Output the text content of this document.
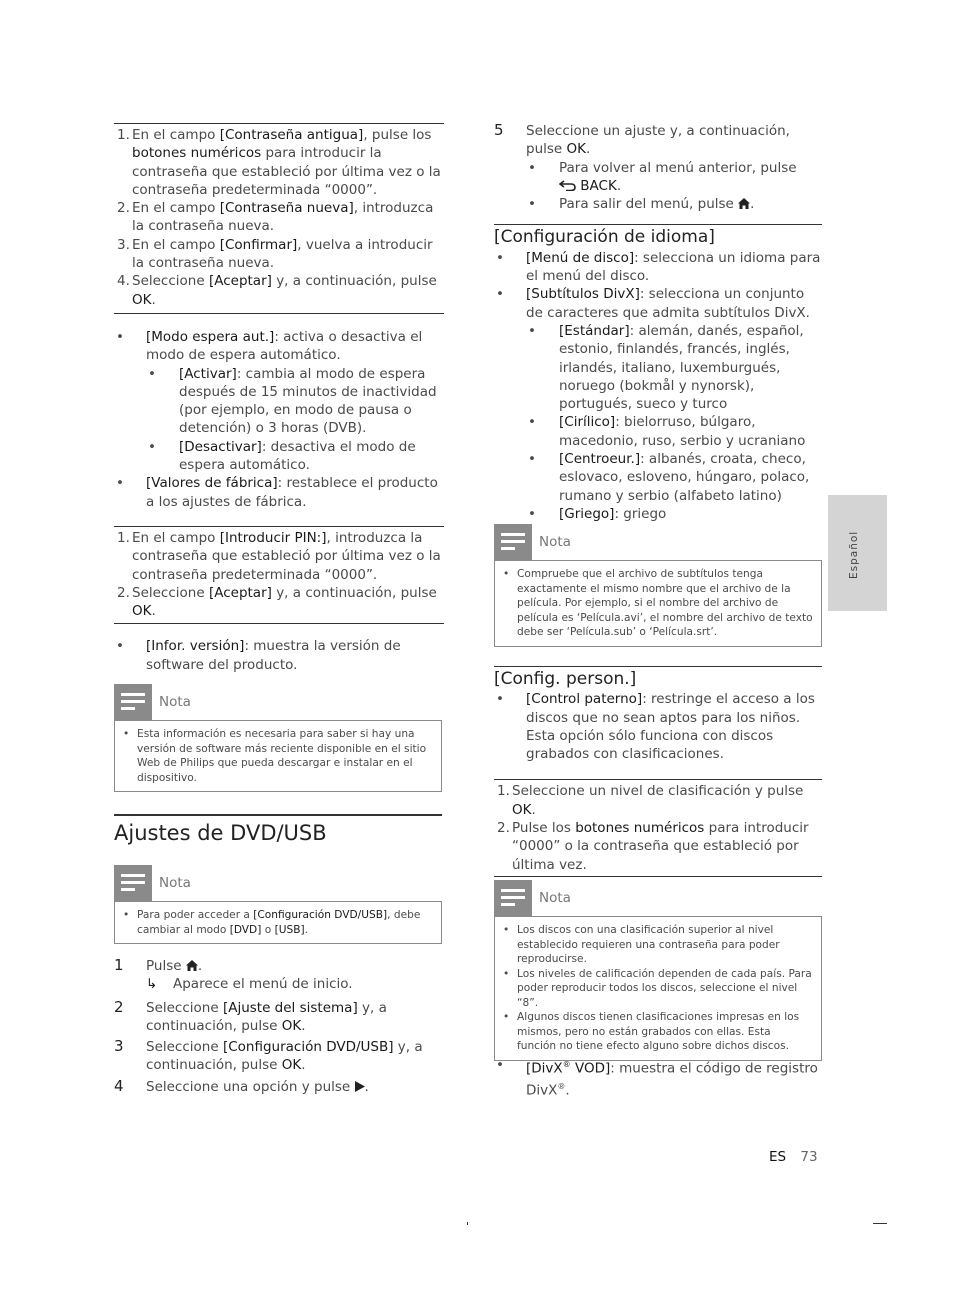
1. En el campo [Contraseña antigua], pulse los botones numéricos para introducir la contraseña que estableció por última vez o la contraseña predeterminada “0000”.
2. En el campo [Contraseña nueva], introduzca la contraseña nueva.
3. En el campo [Confirmar], vuelva a introducir la contraseña nueva.
4. Seleccione [Aceptar] y, a continuación, pulse OK.
• [Modo espera aut.]: activa o desactiva el modo de espera automático.
• [Activar]: cambia al modo de espera después de 15 minutos de inactividad (por ejemplo, en modo de pausa o detención) o 3 horas (DVB).
• [Desactivar]: desactiva el modo de espera automático.
• [Valores de fábrica]: restablece el producto a los ajustes de fábrica.
1. En el campo [Introducir PIN:], introduzca la contraseña que estableció por última vez o la contraseña predeterminada “0000”.
2. Seleccione [Aceptar] y, a continuación, pulse OK.
• [Infor. versión]: muestra la versión de software del producto.
Nota
• Esta información es necesaria para saber si hay una versión de software más reciente disponible en el sitio Web de Philips que pueda descargar e instalar en el dispositivo.
Ajustes de DVD/USB
Nota
• Para poder acceder a [Configuración DVD/USB], debe cambiar al modo [DVD] o [USB].
1 Pulse .
↳ Aparece el menú de inicio.
2 Seleccione [Ajuste del sistema] y, a continuación, pulse OK.
3 Seleccione [Configuración DVD/USB] y, a continuación, pulse OK.
4 Seleccione una opción y pulse .
5 Seleccione un ajuste y, a continuación, pulse OK.
• Para volver al menú anterior, pulse
BACK.
• Para salir del menú, pulse .
[Configuración de idioma]
• [Menú de disco]: selecciona un idioma para el menú del disco.
• [Subtítulos DivX]: selecciona un conjunto de caracteres que admita subtítulos DivX.
• [Estándar]: alemán, danés, español, estonio, finlandés, francés, inglés, irlandés, italiano, luxemburgués, noruego (bokmål y nynorsk), portugués, sueco y turco
• [Cirílico]: bielorruso, búlgaro, macedonio, ruso, serbio y ucraniano
• [Centroeur.]: albanés, croata, checo, eslovaco, esloveno, húngaro, polaco, rumano y serbio (alfabeto latino)
• [Griego]: griego
Nota
• Compruebe que el archivo de subtítulos tenga exactamente el mismo nombre que el archivo de la película. Por ejemplo, si el nombre del archivo de película es ‘Película.avi’, el nombre del archivo de texto debe ser ‘Película.sub’ o ‘Película.srt’.
[Config. person.]
• [Control paterno]: restringe el acceso a los discos que no sean aptos para los niños. Esta opción sólo funciona con discos grabados con clasificaciones.
1. Seleccione un nivel de clasificación y pulse OK.
2. Pulse los botones numéricos para introducir “0000” o la contraseña que estableció por última vez.
Nota
• Los discos con una clasificación superior al nivel establecido requieren una contraseña para poder reproducirse.
• Los niveles de calificación dependen de cada país. Para poder reproducir todos los discos, seleccione el nivel “8”.
• Algunos discos tienen clasificaciones impresas en los mismos, pero no están grabados con ellas. Esta función no tiene efecto alguno sobre dichos discos.
• [DivX® VOD]: muestra el código de registro DivX®.
Español
ES 73
